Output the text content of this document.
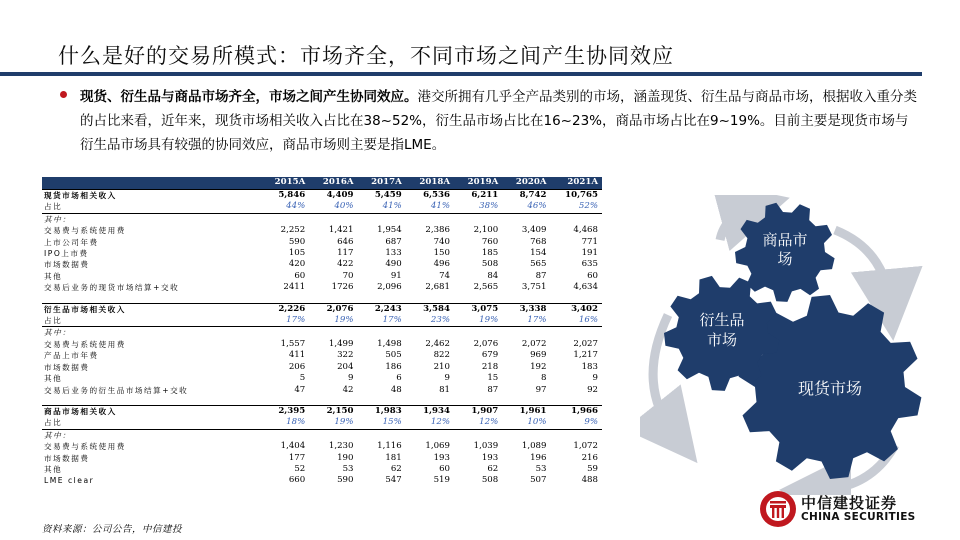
什么是好的交易所模式：市场齐全，不同市场之间产生协同效应
现货、衍生品与商品市场齐全，市场之间产生协同效应。港交所拥有几乎全产品类别的市场，涵盖现货、衍生品与商品市场，根据收入重分类的占比来看，近年来，现货市场相关收入占比在38~52%，衍生品市场占比在16~23%，商品市场占比在9~19%。目前主要是现货市场与衍生品市场具有较强的协同效应，商品市场则主要是指LME。
	2015A	2016A	2017A	2018A	2019A	2020A	2021A
现货市场相关收入	5,846	4,409	5,459	6,536	6,211	8,742	10,765
占比	44%	40%	41%	41%	38%	46%	52%
其中：							
交易费与系统使用费	2,252	1,421	1,954	2,386	2,100	3,409	4,468
上市公司年费	590	646	687	740	760	768	771
IPO上市费	105	117	133	150	185	154	191
市场数据费	420	422	490	496	508	565	635
其他	60	70	91	74	84	87	60
交易后业务的现货市场结算+交收	2411	1726	2,096	2,681	2,565	3,751	4,634

衍生品市场相关收入	2,226	2,076	2,243	3,584	3,075	3,338	3,402
占比	17%	19%	17%	23%	19%	17%	16%
其中：							
交易费与系统使用费	1,557	1,499	1,498	2,462	2,076	2,072	2,027
产品上市年费	411	322	505	822	679	969	1,217
市场数据费	206	204	186	210	218	192	183
其他	5	9	6	9	15	8	9
交易后业务的衍生品市场结算+交收	47	42	48	81	87	97	92

商品市场相关收入	2,395	2,150	1,983	1,934	1,907	1,961	1,966
占比	18%	19%	15%	12%	12%	10%	9%
其中：							
交易费与系统使用费	1,404	1,230	1,116	1,069	1,039	1,089	1,072
市场数据费	177	190	181	193	193	196	216
其他	52	53	62	60	62	53	59
LME clear	660	590	547	519	508	507	488
资料来源：公司公告，中信建投
商品市场
衍生品市场
现货市场
中信建投证券
CHINA SECURITIES
